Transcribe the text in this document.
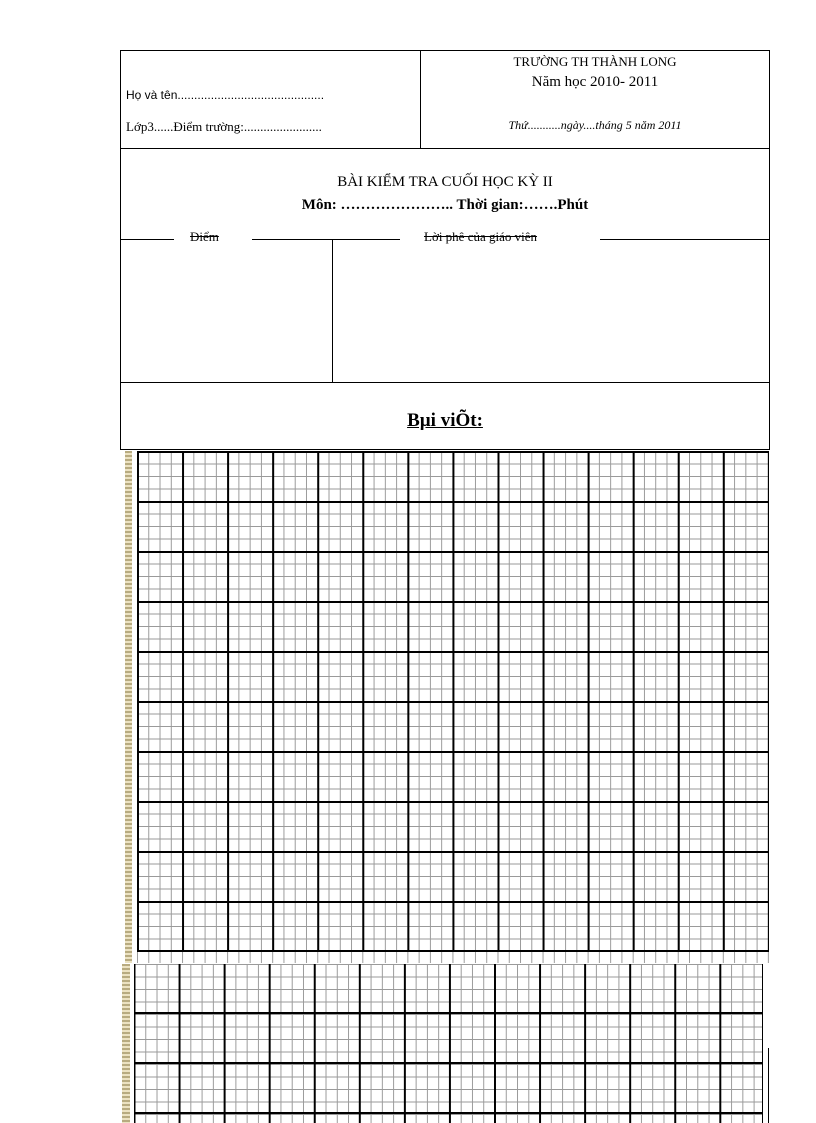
Họ và tên............................................
Lớp3......Điểm trường:........................
TRƯỜNG TH THÀNH LONG
Năm học 2010- 2011
Thứ...........ngày....tháng 5 năm 2011
BÀI KIỂM TRA CUỐI HỌC KỲ II
Môn: ………………….. Thời gian:…….Phút
Điểm	Lời phê của giáo viên
Bµi viÕt:
